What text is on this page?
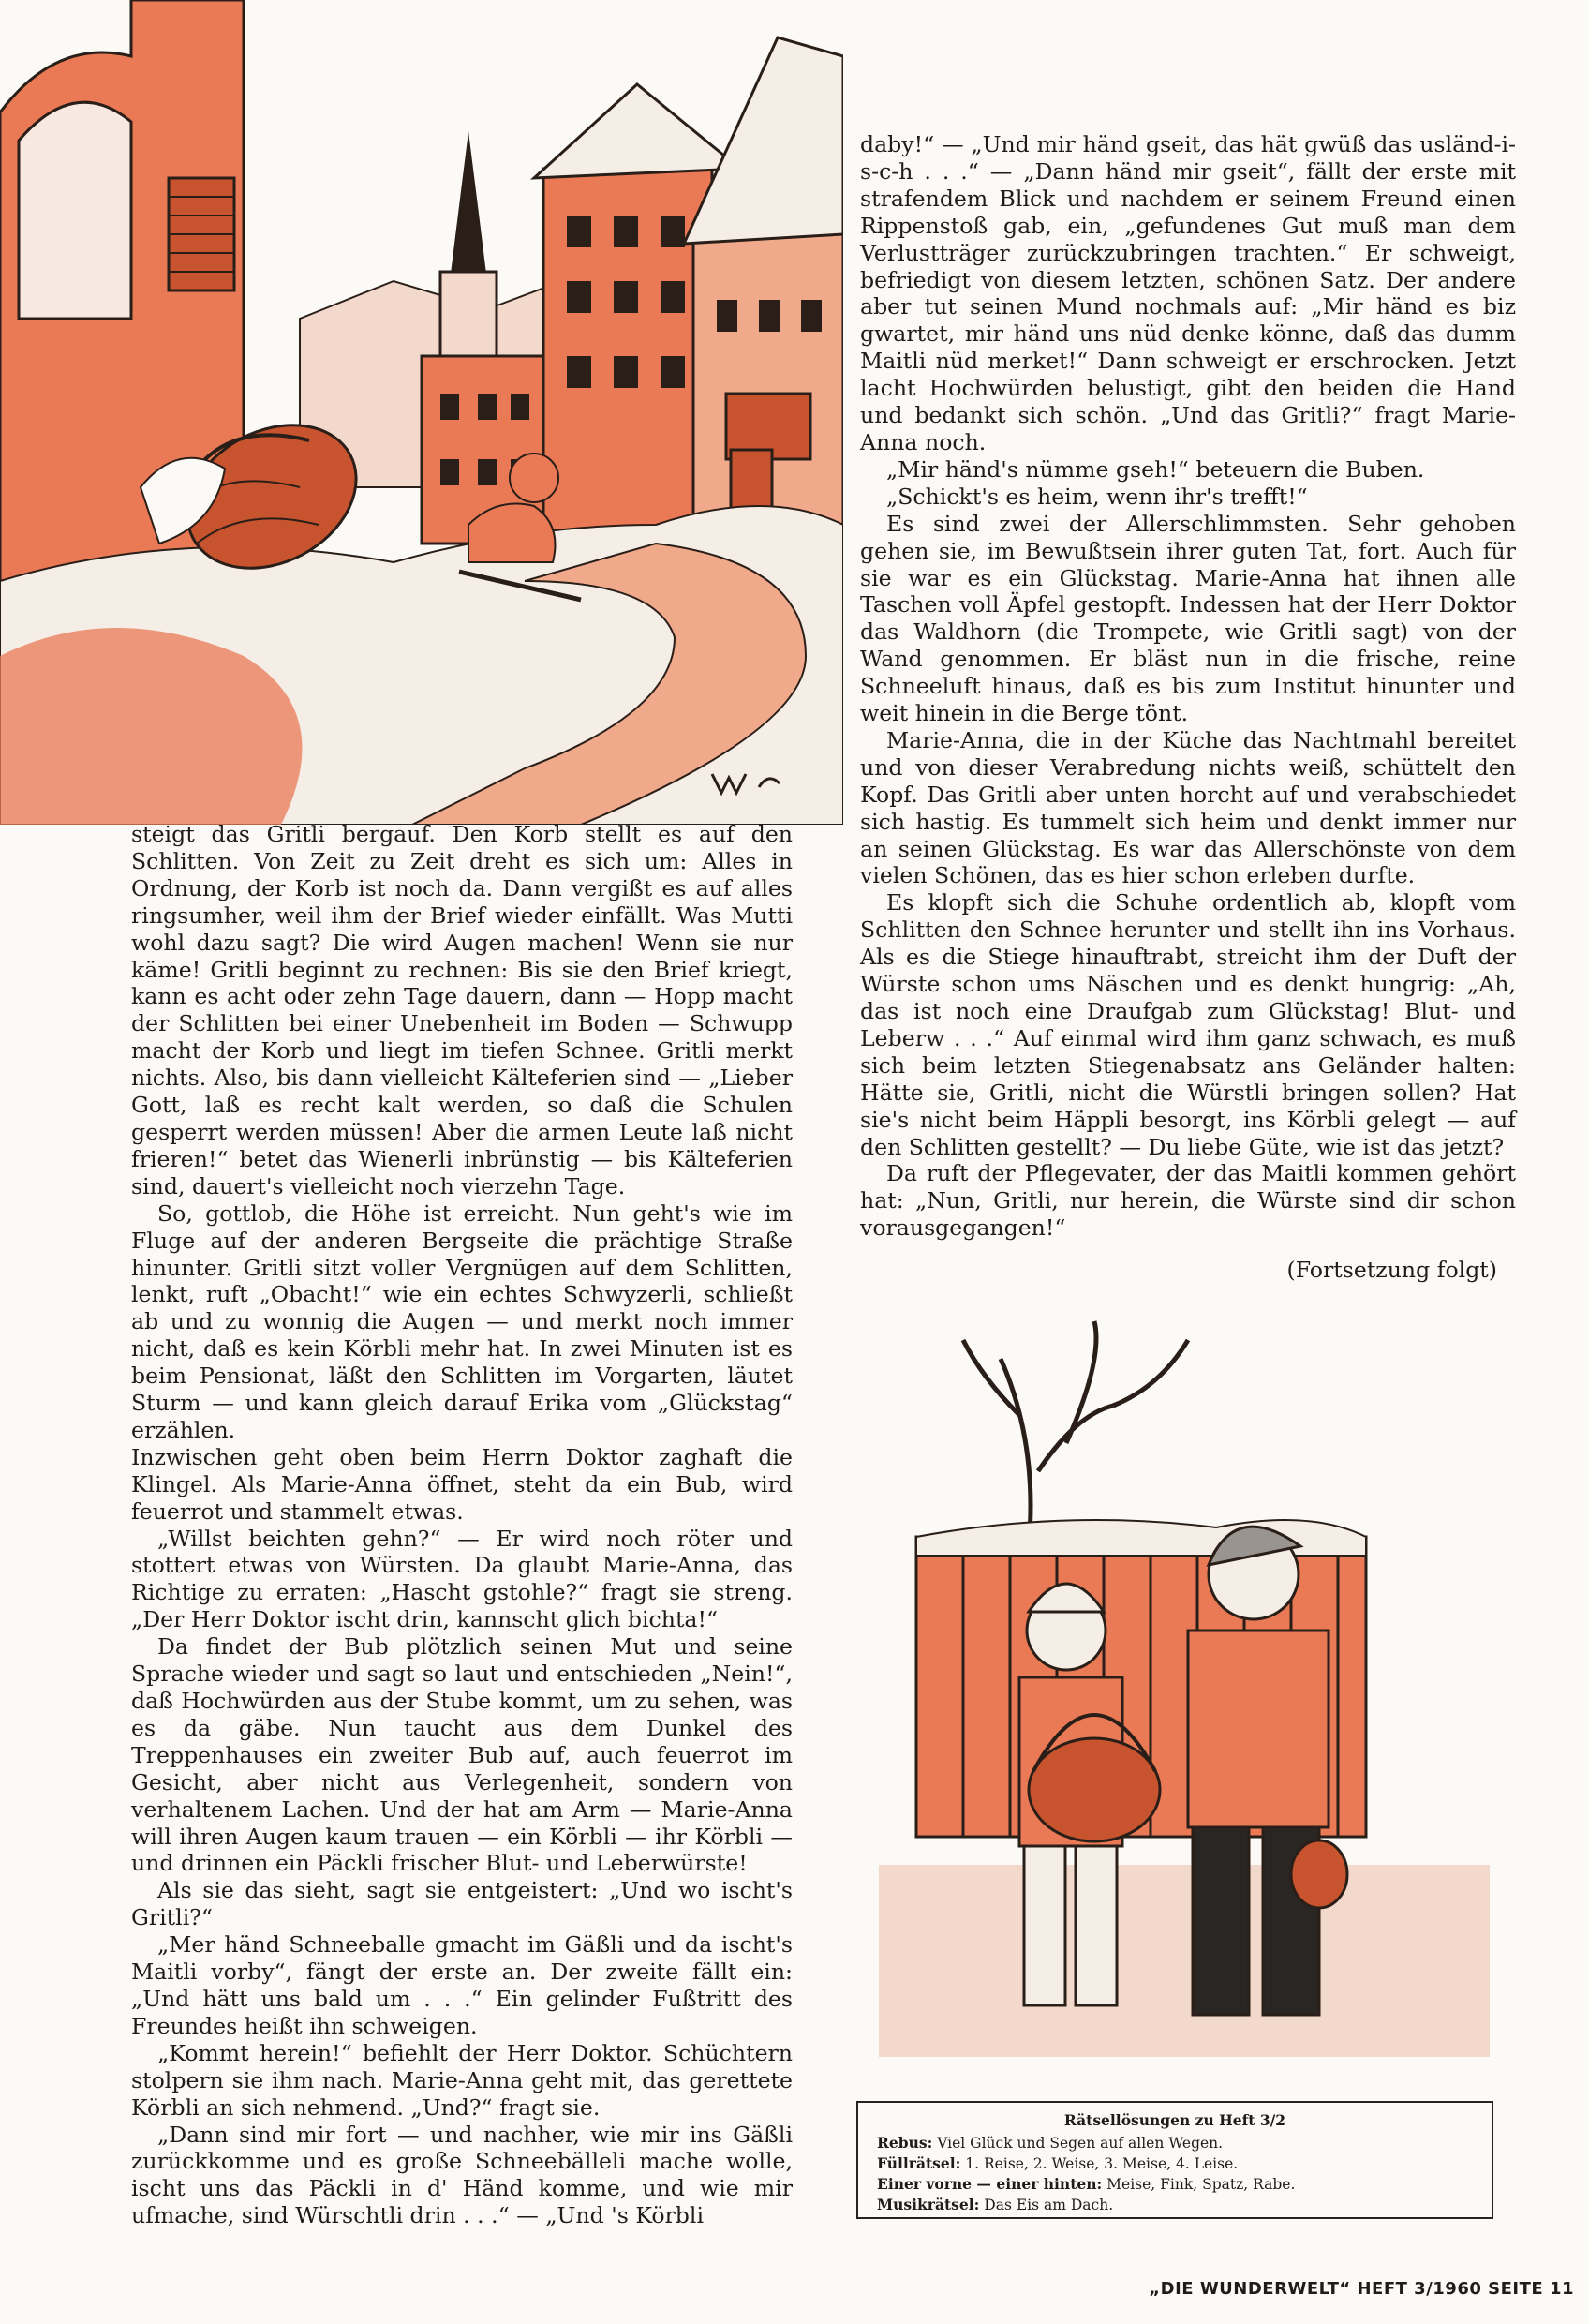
steigt das Gritli bergauf. Den Korb stellt es auf den Schlitten. Von Zeit zu Zeit dreht es sich um: Alles in Ordnung, der Korb ist noch da. Dann vergißt es auf alles ringsumher, weil ihm der Brief wieder einfällt. Was Mutti wohl dazu sagt? Die wird Augen machen! Wenn sie nur käme! Gritli beginnt zu rechnen: Bis sie den Brief kriegt, kann es acht oder zehn Tage dauern, dann — Hopp macht der Schlitten bei einer Unebenheit im Boden — Schwupp macht der Korb und liegt im tiefen Schnee. Gritli merkt nichts. Also, bis dann vielleicht Kälteferien sind — „Lieber Gott, laß es recht kalt werden, so daß die Schulen gesperrt werden müssen! Aber die armen Leute laß nicht frieren!“ betet das Wienerli inbrünstig — bis Kälteferien sind, dauert's vielleicht noch vierzehn Tage.

So, gottlob, die Höhe ist erreicht. Nun geht's wie im Fluge auf der anderen Bergseite die prächtige Straße hinunter. Gritli sitzt voller Vergnügen auf dem Schlitten, lenkt, ruft „Obacht!“ wie ein echtes Schwyzerli, schließt ab und zu wonnig die Augen — und merkt noch immer nicht, daß es kein Körbli mehr hat. In zwei Minuten ist es beim Pensionat, läßt den Schlitten im Vorgarten, läutet Sturm — und kann gleich darauf Erika vom „Glückstag“ erzählen.

Inzwischen geht oben beim Herrn Doktor zaghaft die Klingel. Als Marie-Anna öffnet, steht da ein Bub, wird feuerrot und stammelt etwas.

„Willst beichten gehn?“ — Er wird noch röter und stottert etwas von Würsten. Da glaubt Marie-Anna, das Richtige zu erraten: „Hascht gstohle?“ fragt sie streng. „Der Herr Doktor ischt drin, kannscht glich bichta!“

Da findet der Bub plötzlich seinen Mut und seine Sprache wieder und sagt so laut und entschieden „Nein!“, daß Hochwürden aus der Stube kommt, um zu sehen, was es da gäbe. Nun taucht aus dem Dunkel des Treppenhauses ein zweiter Bub auf, auch feuerrot im Gesicht, aber nicht aus Verlegenheit, sondern von verhaltenem Lachen. Und der hat am Arm — Marie-Anna will ihren Augen kaum trauen — ein Körbli — ihr Körbli — und drinnen ein Päckli frischer Blut- und Leberwürste!

Als sie das sieht, sagt sie entgeistert: „Und wo ischt's Gritli?“

„Mer händ Schneeballe gmacht im Gäßli und da ischt's Maitli vorby“, fängt der erste an. Der zweite fällt ein: „Und hätt uns bald um . . .“ Ein gelinder Fußtritt des Freundes heißt ihn schweigen.

„Kommt herein!“ befiehlt der Herr Doktor. Schüchtern stolpern sie ihm nach. Marie-Anna geht mit, das gerettete Körbli an sich nehmend. „Und?“ fragt sie.

„Dann sind mir fort — und nachher, wie mir ins Gäßli zurückkomme und es große Schneebälleli mache wolle, ischt uns das Päckli in d' Händ komme, und wie mir ufmache, sind Würschtli drin . . .“ — „Und 's Körbli

daby!“ — „Und mir händ gseit, das hät gwüß das usländ-i-s-c-h . . .“ — „Dann händ mir gseit“, fällt der erste mit strafendem Blick und nachdem er seinem Freund einen Rippenstoß gab, ein, „gefundenes Gut muß man dem Verlustträger zurückzubringen trachten.“ Er schweigt, befriedigt von diesem letzten, schönen Satz. Der andere aber tut seinen Mund nochmals auf: „Mir händ es biz gwartet, mir händ uns nüd denke könne, daß das dumm Maitli nüd merket!“ Dann schweigt er erschrocken. Jetzt lacht Hochwürden belustigt, gibt den beiden die Hand und bedankt sich schön. „Und das Gritli?“ fragt Marie-Anna noch.

„Mir händ's nümme gseh!“ beteuern die Buben.

„Schickt's es heim, wenn ihr's trefft!“

Es sind zwei der Allerschlimmsten. Sehr gehoben gehen sie, im Bewußtsein ihrer guten Tat, fort. Auch für sie war es ein Glückstag. Marie-Anna hat ihnen alle Taschen voll Äpfel gestopft. Indessen hat der Herr Doktor das Waldhorn (die Trompete, wie Gritli sagt) von der Wand genommen. Er bläst nun in die frische, reine Schneeluft hinaus, daß es bis zum Institut hinunter und weit hinein in die Berge tönt.

Marie-Anna, die in der Küche das Nachtmahl bereitet und von dieser Verabredung nichts weiß, schüttelt den Kopf. Das Gritli aber unten horcht auf und verabschiedet sich hastig. Es tummelt sich heim und denkt immer nur an seinen Glückstag. Es war das Allerschönste von dem vielen Schönen, das es hier schon erleben durfte.

Es klopft sich die Schuhe ordentlich ab, klopft vom Schlitten den Schnee herunter und stellt ihn ins Vorhaus. Als es die Stiege hinauftrabt, streicht ihm der Duft der Würste schon ums Näschen und es denkt hungrig: „Ah, das ist noch eine Draufgab zum Glückstag! Blut- und Leberw . . .“ Auf einmal wird ihm ganz schwach, es muß sich beim letzten Stiegenabsatz ans Geländer halten: Hätte sie, Gritli, nicht die Würstli bringen sollen? Hat sie's nicht beim Häppli besorgt, ins Körbli gelegt — auf den Schlitten gestellt? — Du liebe Güte, wie ist das jetzt?

Da ruft der Pflegevater, der das Maitli kommen gehört hat: „Nun, Gritli, nur herein, die Würste sind dir schon vorausgegangen!“

(Fortsetzung folgt)

Rätsellösungen zu Heft 3/2
Rebus: Viel Glück und Segen auf allen Wegen.
Füllrätsel: 1. Reise, 2. Weise, 3. Meise, 4. Leise.
Einer vorne — einer hinten: Meise, Fink, Spatz, Rabe.
Musikrätsel: Das Eis am Dach.
„DIE WUNDERWELT“ HEFT 3/1960 SEITE 11
